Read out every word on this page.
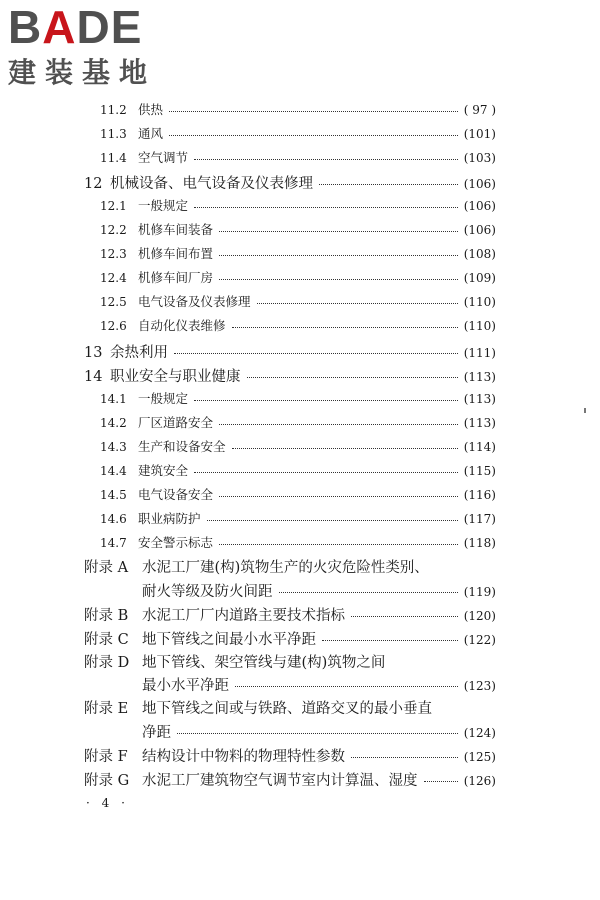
BADE
建装基地
11.2 供热	( 97 )
11.3 通风	(101)
11.4 空气调节	(103)
12 机械设备、电气设备及仪表修理	(106)
12.1 一般规定	(106)
12.2 机修车间装备	(106)
12.3 机修车间布置	(108)
12.4 机修车间厂房	(109)
12.5 电气设备及仪表修理	(110)
12.6 自动化仪表维修	(110)
13 余热利用	(111)
14 职业安全与职业健康	(113)
14.1 一般规定	(113)
14.2 厂区道路安全	(113)
14.3 生产和设备安全	(114)
14.4 建筑安全	(115)
14.5 电气设备安全	(116)
14.6 职业病防护	(117)
14.7 安全警示标志	(118)
附录 A 水泥工厂建(构)筑物生产的火灾危险性类别、
耐火等级及防火间距	(119)
附录 B 水泥工厂厂内道路主要技术指标	(120)
附录 C 地下管线之间最小水平净距	(122)
附录 D 地下管线、架空管线与建(构)筑物之间
最小水平净距	(123)
附录 E 地下管线之间或与铁路、道路交叉的最小垂直
净距	(124)
附录 F 结构设计中物料的物理特性参数	(125)
附录 G 水泥工厂建筑物空气调节室内计算温、湿度	(126)
· 4 ·
